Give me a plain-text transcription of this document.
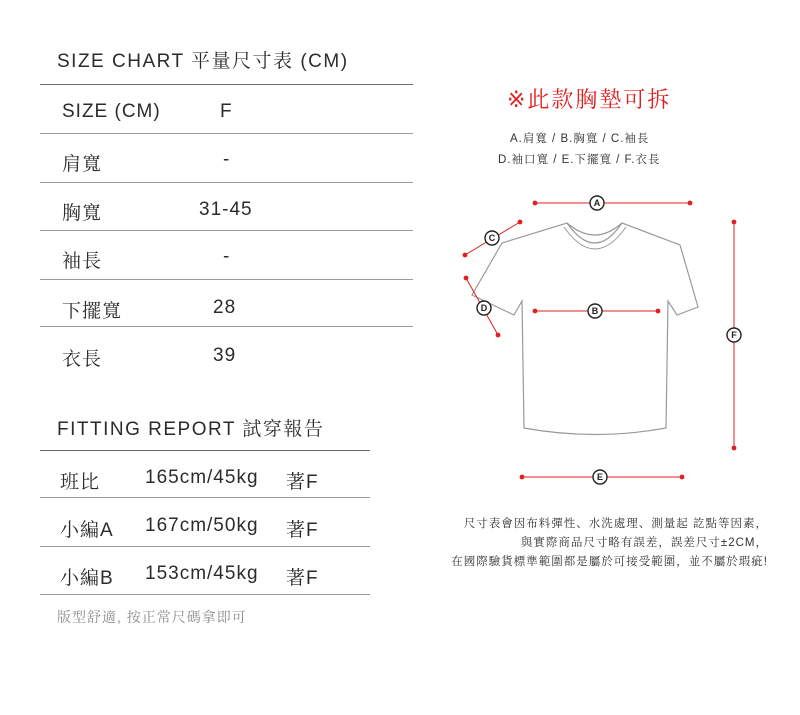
SIZE CHART 平量尺寸表 (CM)
SIZE (CM)	F
肩寬	-
胸寬	31-45
袖長	-
下擺寬	28
衣長	39
FITTING REPORT 試穿報告
班比 165cm/45kg 著F
小編A 167cm/50kg 著F
小編B 153cm/45kg 著F
版型舒適, 按正常尺碼拿即可
※此款胸墊可拆
A.肩寬 / B.胸寬 / C.袖長
D.袖口寬 / E.下擺寬 / F.衣長
A
B
C
D
E
F
尺寸表會因布料彈性、水洗處理、測量起 訖點等因素，
與實際商品尺寸略有誤差，誤差尺寸±2CM，
在國際驗貨標準範圍都是屬於可接受範圍，並不屬於瑕疵!
